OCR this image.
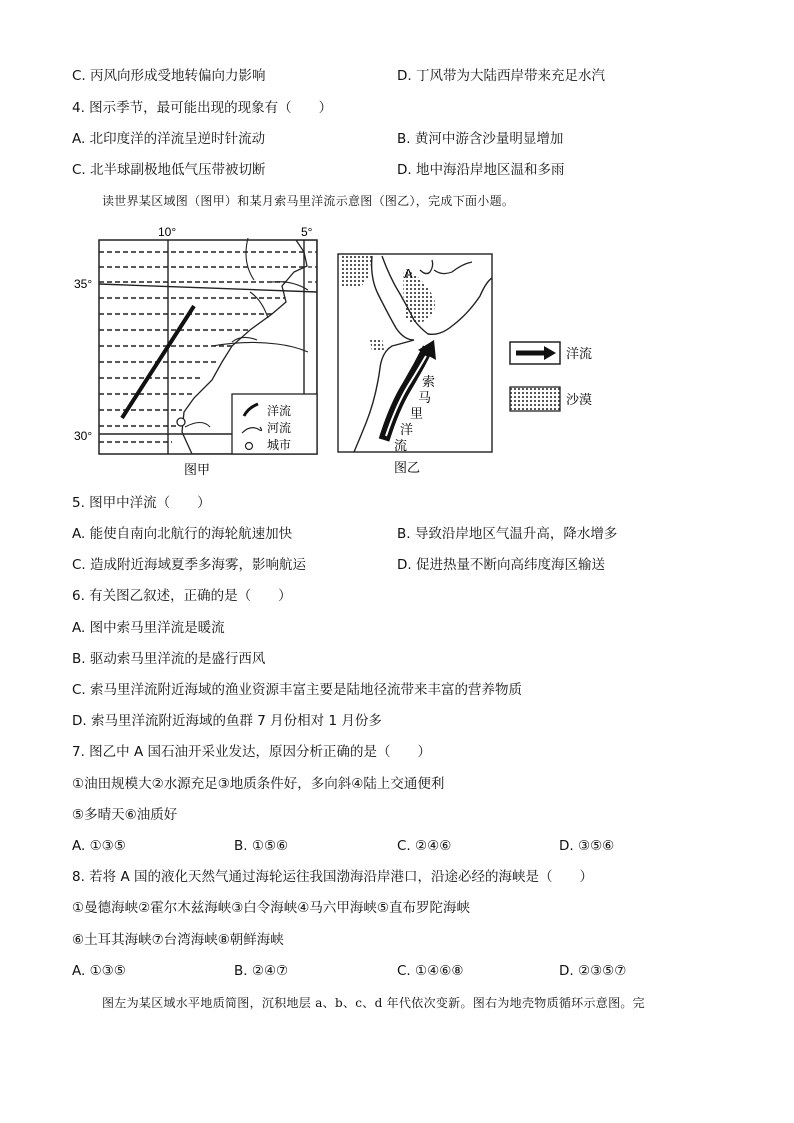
C. 丙风向形成受地转偏向力影响	D. 丁风带为大陆西岸带来充足水汽
4. 图示季节，最可能出现的现象有（　　）
A. 北印度洋的洋流呈逆时针流动	B. 黄河中游含沙量明显增加
C. 北半球副极地低气压带被切断	D. 地中海沿岸地区温和多雨
读世界某区域图（图甲）和某月索马里洋流示意图（图乙），完成下面小题。
洋流
河流
城市
10°	5°
35°
30°
图甲
A
索
马
里
洋
流
洋流
沙漠
图乙
5. 图甲中洋流（　　）
A. 能使自南向北航行的海轮航速加快	B. 导致沿岸地区气温升高，降水增多
C. 造成附近海域夏季多海雾，影响航运	D. 促进热量不断向高纬度海区输送
6. 有关图乙叙述，正确的是（　　）
A. 图中索马里洋流是暖流
B. 驱动索马里洋流的是盛行西风
C. 索马里洋流附近海域的渔业资源丰富主要是陆地径流带来丰富的营养物质
D. 索马里洋流附近海域的鱼群 7 月份相对 1 月份多
7. 图乙中 A 国石油开采业发达，原因分析正确的是（　　）
①油田规模大②水源充足③地质条件好，多向斜④陆上交通便利
⑤多晴天⑥油质好
A. ①③⑤	B. ①⑤⑥	C. ②④⑥	D. ③⑤⑥
8. 若将 A 国的液化天然气通过海轮运往我国渤海沿岸港口，沿途必经的海峡是（　　）
①曼德海峡②霍尔木兹海峡③白令海峡④马六甲海峡⑤直布罗陀海峡
⑥土耳其海峡⑦台湾海峡⑧朝鲜海峡
A. ①③⑤	B. ②④⑦	C. ①④⑥⑧	D. ②③⑤⑦
图左为某区域水平地质简图，沉积地层 a、b、c、d 年代依次变新。图右为地壳物质循环示意图。完
